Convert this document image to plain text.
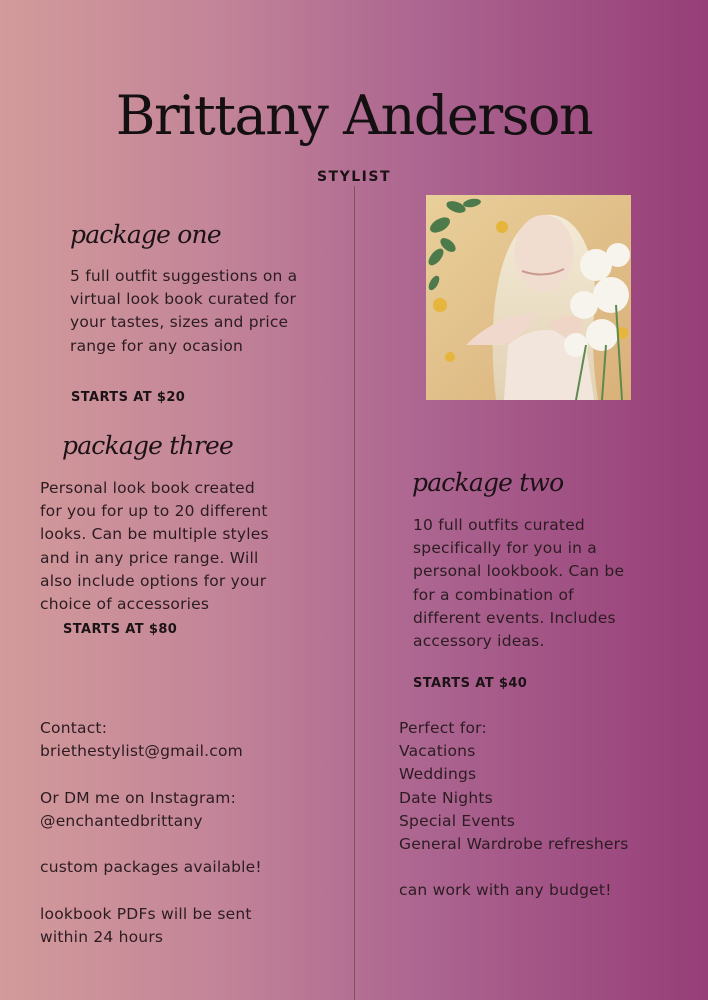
Brittany Anderson
STYLIST
package one
5 full outfit suggestions on a
virtual look book curated for
your tastes, sizes and price
range for any ocasion
STARTS AT $20
package three
Personal look book created
for you for up to 20 different
looks. Can be multiple styles
and in any price range. Will
also include options for your
choice of accessories
STARTS AT $80
package two
10 full outfits curated
specifically for you in a
personal lookbook. Can be
for a combination of
different events. Includes
accessory ideas.
STARTS AT $40
Contact:
briethestylist@gmail.com
Or DM me on Instagram:
@enchantedbrittany
custom packages available!
lookbook PDFs will be sent
within 24 hours
Perfect for:
Vacations
Weddings
Date Nights
Special Events
General Wardrobe refreshers
can work with any budget!
